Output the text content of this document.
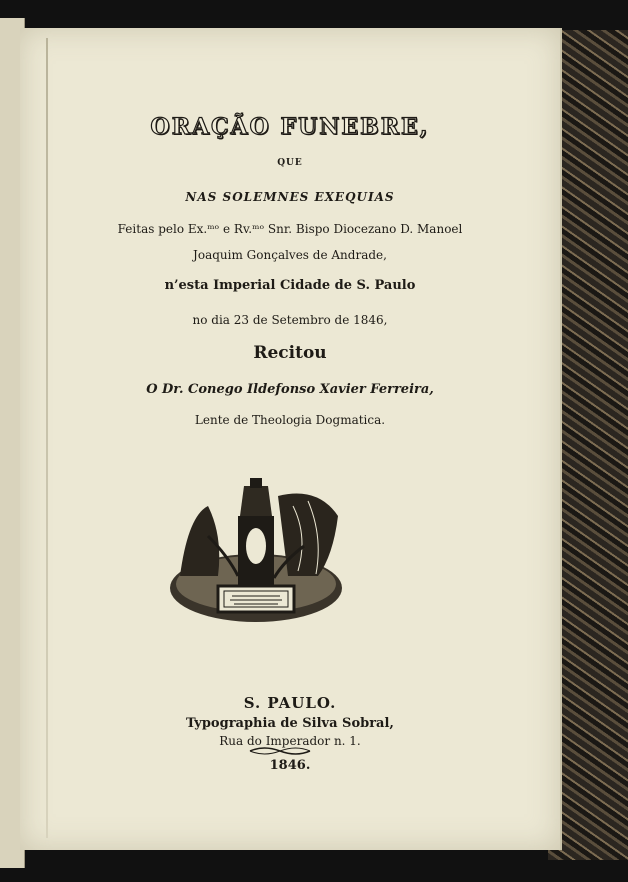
ORAÇÃO FUNEBRE,
QUE
NAS SOLEMNES EXEQUIAS
Feitas pelo Ex.ᵐᵒ e Rv.ᵐᵒ Snr. Bispo Diocezano D. Manoel
Joaquim Gonçalves de Andrade,
n’esta Imperial Cidade de S. Paulo
no dia 23 de Setembro de 1846,
Recitou
O Dr. Conego Ildefonso Xavier Ferreira,
Lente de Theologia Dogmatica.
S. PAULO.
Typographia de Silva Sobral,
Rua do Imperador n. 1.
1846.
